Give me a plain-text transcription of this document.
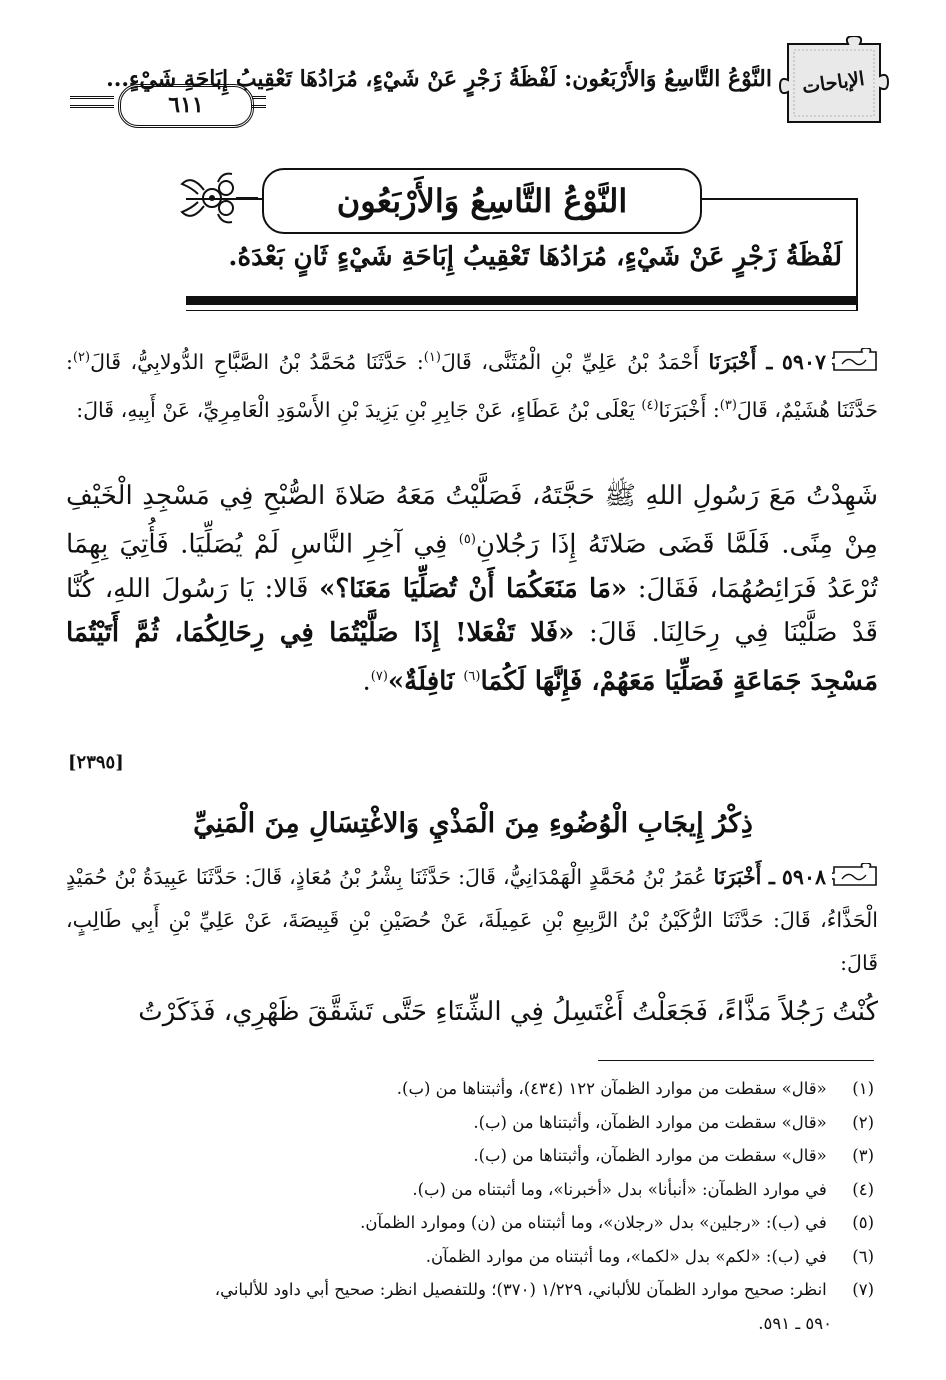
٦١١
النَّوْعُ التَّاسِعُ وَالأَرْبَعُون: لَفْظَةُ زَجْرٍ عَنْ شَيْءٍ، مُرَادُهَا تَعْقِيبُ إِبَاحَةِ شَيْءٍ... الإباحات
النَّوْعُ التَّاسِعُ وَالأَرْبَعُون
لَفْظَةُ زَجْرٍ عَنْ شَيْءٍ، مُرَادُهَا تَعْقِيبُ إِبَاحَةِ شَيْءٍ ثَانٍ بَعْدَهُ.
٥٩٠٧ ـ أَخْبَرَنَا أَحْمَدُ بْنُ عَلِيِّ بْنِ الْمُثَنَّى، قَالَ$^{(١)}$: حَدَّثَنَا مُحَمَّدُ بْنُ الصَّبَّاحِ الدُّولابِيُّ، قَالَ$^{(٢)}$: حَدَّثَنَا هُشَيْمٌ، قَالَ$^{(٣)}$: أَخْبَرَنَا$^{(٤)}$ يَعْلَى بْنُ عَطَاءٍ، عَنْ جَابِرِ بْنِ يَزِيدَ بْنِ الأَسْوَدِ الْعَامِرِيِّ، عَنْ أَبِيهِ، قَالَ:
شَهِدْتُ مَعَ رَسُولِ اللهِ ﷺ حَجَّتَهُ، فَصَلَّيْتُ مَعَهُ صَلاةَ الصُّبْحِ فِي مَسْجِدِ الْخَيْفِ مِنْ مِنًى. فَلَمَّا قَضَى صَلاتَهُ إِذَا رَجُلانِ$^{(٥)}$ فِي آخِرِ النَّاسِ لَمْ يُصَلِّيَا. فَأُتِيَ بِهِمَا تُرْعَدُ فَرَائِصُهُمَا، فَقَالَ: «مَا مَنَعَكُمَا أَنْ تُصَلِّيَا مَعَنَا؟» قَالا: يَا رَسُولَ اللهِ، كُنَّا قَدْ صَلَّيْنَا فِي رِحَالِنَا. قَالَ: «فَلا تَفْعَلا! إِذَا صَلَّيْتُمَا فِي رِحَالِكُمَا، ثُمَّ أَتَيْتُمَا مَسْجِدَ جَمَاعَةٍ فَصَلِّيَا مَعَهُمْ، فَإِنَّهَا لَكُمَا$^{(٦)}$ نَافِلَةٌ»$^{(٧)}$.
[٢٣٩٥]
ذِكْرُ إِيجَابِ الْوُضُوءِ مِنَ الْمَذْيِ وَالاغْتِسَالِ مِنَ الْمَنِيِّ
٥٩٠٨ ـ أَخْبَرَنَا عُمَرُ بْنُ مُحَمَّدٍ الْهَمْدَانِيُّ، قَالَ: حَدَّثَنَا بِشْرُ بْنُ مُعَاذٍ، قَالَ: حَدَّثَنَا عَبِيدَةُ بْنُ حُمَيْدٍ الْحَذَّاءُ، قَالَ: حَدَّثَنَا الرُّكَيْنُ بْنُ الرَّبِيعِ بْنِ عَمِيلَةَ، عَنْ حُصَيْنِ بْنِ قَبِيصَةَ، عَنْ عَلِيِّ بْنِ أَبِي طَالِبٍ، قَالَ:
كُنْتُ رَجُلاً مَذَّاءً، فَجَعَلْتُ أَغْتَسِلُ فِي الشِّتَاءِ حَتَّى تَشَقَّقَ ظَهْرِي، فَذَكَرْتُ
(١) «قال» سقطت من موارد الظمآن ١٢٢ (٤٣٤)، وأثبتناها من (ب).
(٢) «قال» سقطت من موارد الظمآن، وأثبتناها من (ب).
(٣) «قال» سقطت من موارد الظمآن، وأثبتناها من (ب).
(٤) في موارد الظمآن: «أنبأنا» بدل «أخبرنا»، وما أثبتناه من (ب).
(٥) في (ب): «رجلين» بدل «رجلان»، وما أثبتناه من (ن) وموارد الظمآن.
(٦) في (ب): «لكم» بدل «لكما»، وما أثبتناه من موارد الظمآن.
(٧) انظر: صحيح موارد الظمآن للألباني، ١/٢٢٩ (٣٧٠)؛ وللتفصيل انظر: صحيح أبي داود للألباني،
٥٩٠ ـ ٥٩١.
